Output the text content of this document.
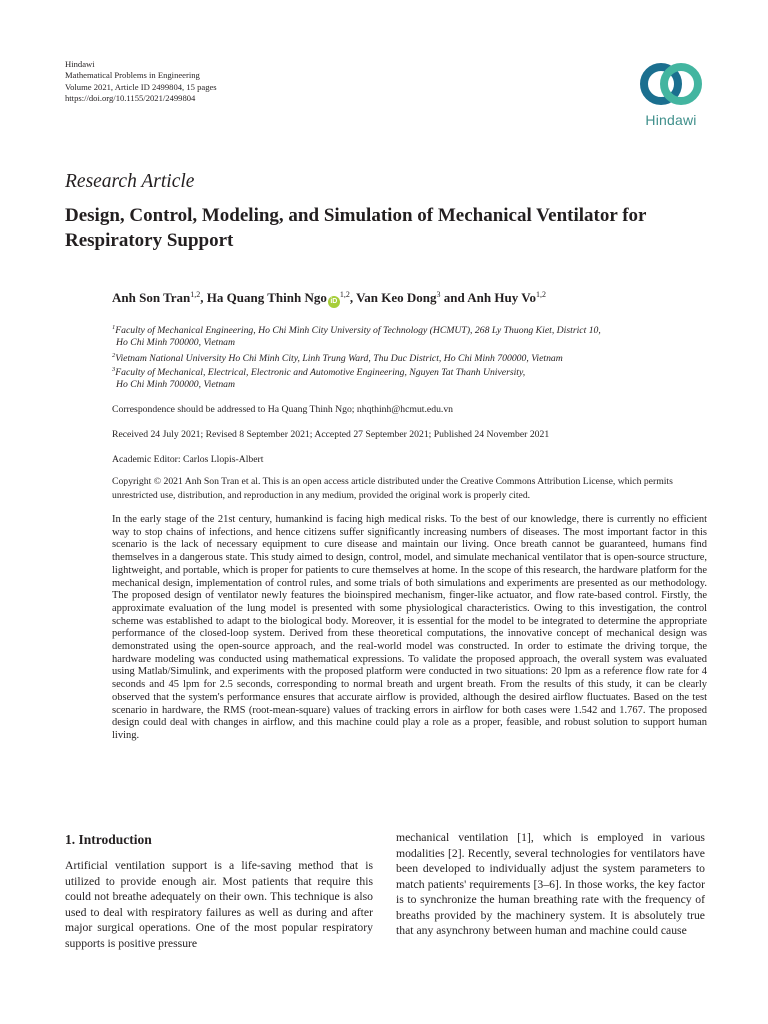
Hindawi
Mathematical Problems in Engineering
Volume 2021, Article ID 2499804, 15 pages
https://doi.org/10.1155/2021/2499804
Hindawi
Research Article
Design, Control, Modeling, and Simulation of Mechanical Ventilator for Respiratory Support
Anh Son Tran$^{1,2}$, Ha Quang Thinh Ngo iD$^{1,2}$, Van Keo Dong$^3$ and Anh Huy Vo$^{1,2}$
$^1$Faculty of Mechanical Engineering, Ho Chi Minh City University of Technology (HCMUT), 268 Ly Thuong Kiet, District 10,
Ho Chi Minh 700000, Vietnam
$^2$Vietnam National University Ho Chi Minh City, Linh Trung Ward, Thu Duc District, Ho Chi Minh 700000, Vietnam
$^3$Faculty of Mechanical, Electrical, Electronic and Automotive Engineering, Nguyen Tat Thanh University,
Ho Chi Minh 700000, Vietnam
Correspondence should be addressed to Ha Quang Thinh Ngo; nhqthinh@hcmut.edu.vn
Received 24 July 2021; Revised 8 September 2021; Accepted 27 September 2021; Published 24 November 2021
Academic Editor: Carlos Llopis-Albert
Copyright © 2021 Anh Son Tran et al. This is an open access article distributed under the Creative Commons Attribution License, which permits unrestricted use, distribution, and reproduction in any medium, provided the original work is properly cited.
In the early stage of the 21st century, humankind is facing high medical risks. To the best of our knowledge, there is currently no efficient way to stop chains of infections, and hence citizens suffer significantly increasing numbers of diseases. The most important factor in this scenario is the lack of necessary equipment to cure disease and maintain our living. Once breath cannot be guaranteed, humans find themselves in a dangerous state. This study aimed to design, control, model, and simulate mechanical ventilator that is open-source structure, lightweight, and portable, which is proper for patients to cure themselves at home. In the scope of this research, the hardware platform for the mechanical design, implementation of control rules, and some trials of both simulations and experiments are presented as our methodology. The proposed design of ventilator newly features the bioinspired mechanism, finger-like actuator, and flow rate-based control. Firstly, the approximate evaluation of the lung model is presented with some physiological characteristics. Owing to this investigation, the control scheme was established to adapt to the biological body. Moreover, it is essential for the model to be integrated to determine the appropriate performance of the closed-loop system. Derived from these theoretical computations, the innovative concept of mechanical design was demonstrated using the open-source approach, and the real-world model was constructed. In order to estimate the driving torque, the hardware modeling was conducted using mathematical expressions. To validate the proposed approach, the overall system was evaluated using Matlab/Simulink, and experiments with the proposed platform were conducted in two situations: 20 lpm as a reference flow rate for 4 seconds and 45 lpm for 2.5 seconds, corresponding to normal breath and urgent breath. From the results of this study, it can be clearly observed that the system's performance ensures that accurate airflow is provided, although the desired airflow fluctuates. Based on the test scenario in hardware, the RMS (root-mean-square) values of tracking errors in airflow for both cases were 1.542 and 1.767. The proposed design could deal with changes in airflow, and this machine could play a role as a proper, feasible, and robust solution to support human living.
1. Introduction
Artificial ventilation support is a life-saving method that is utilized to provide enough air. Most patients that require this could not breathe adequately on their own. This technique is also used to deal with respiratory failures as well as during and after major surgical operations. One of the most popular respiratory supports is positive pressure
mechanical ventilation [1], which is employed in various modalities [2]. Recently, several technologies for ventilators have been developed to individually adjust the system parameters to match patients' requirements [3–6]. In those works, the key factor is to synchronize the human breathing rate with the frequency of breaths provided by the machinery system. It is absolutely true that any asynchrony between human and machine could cause
